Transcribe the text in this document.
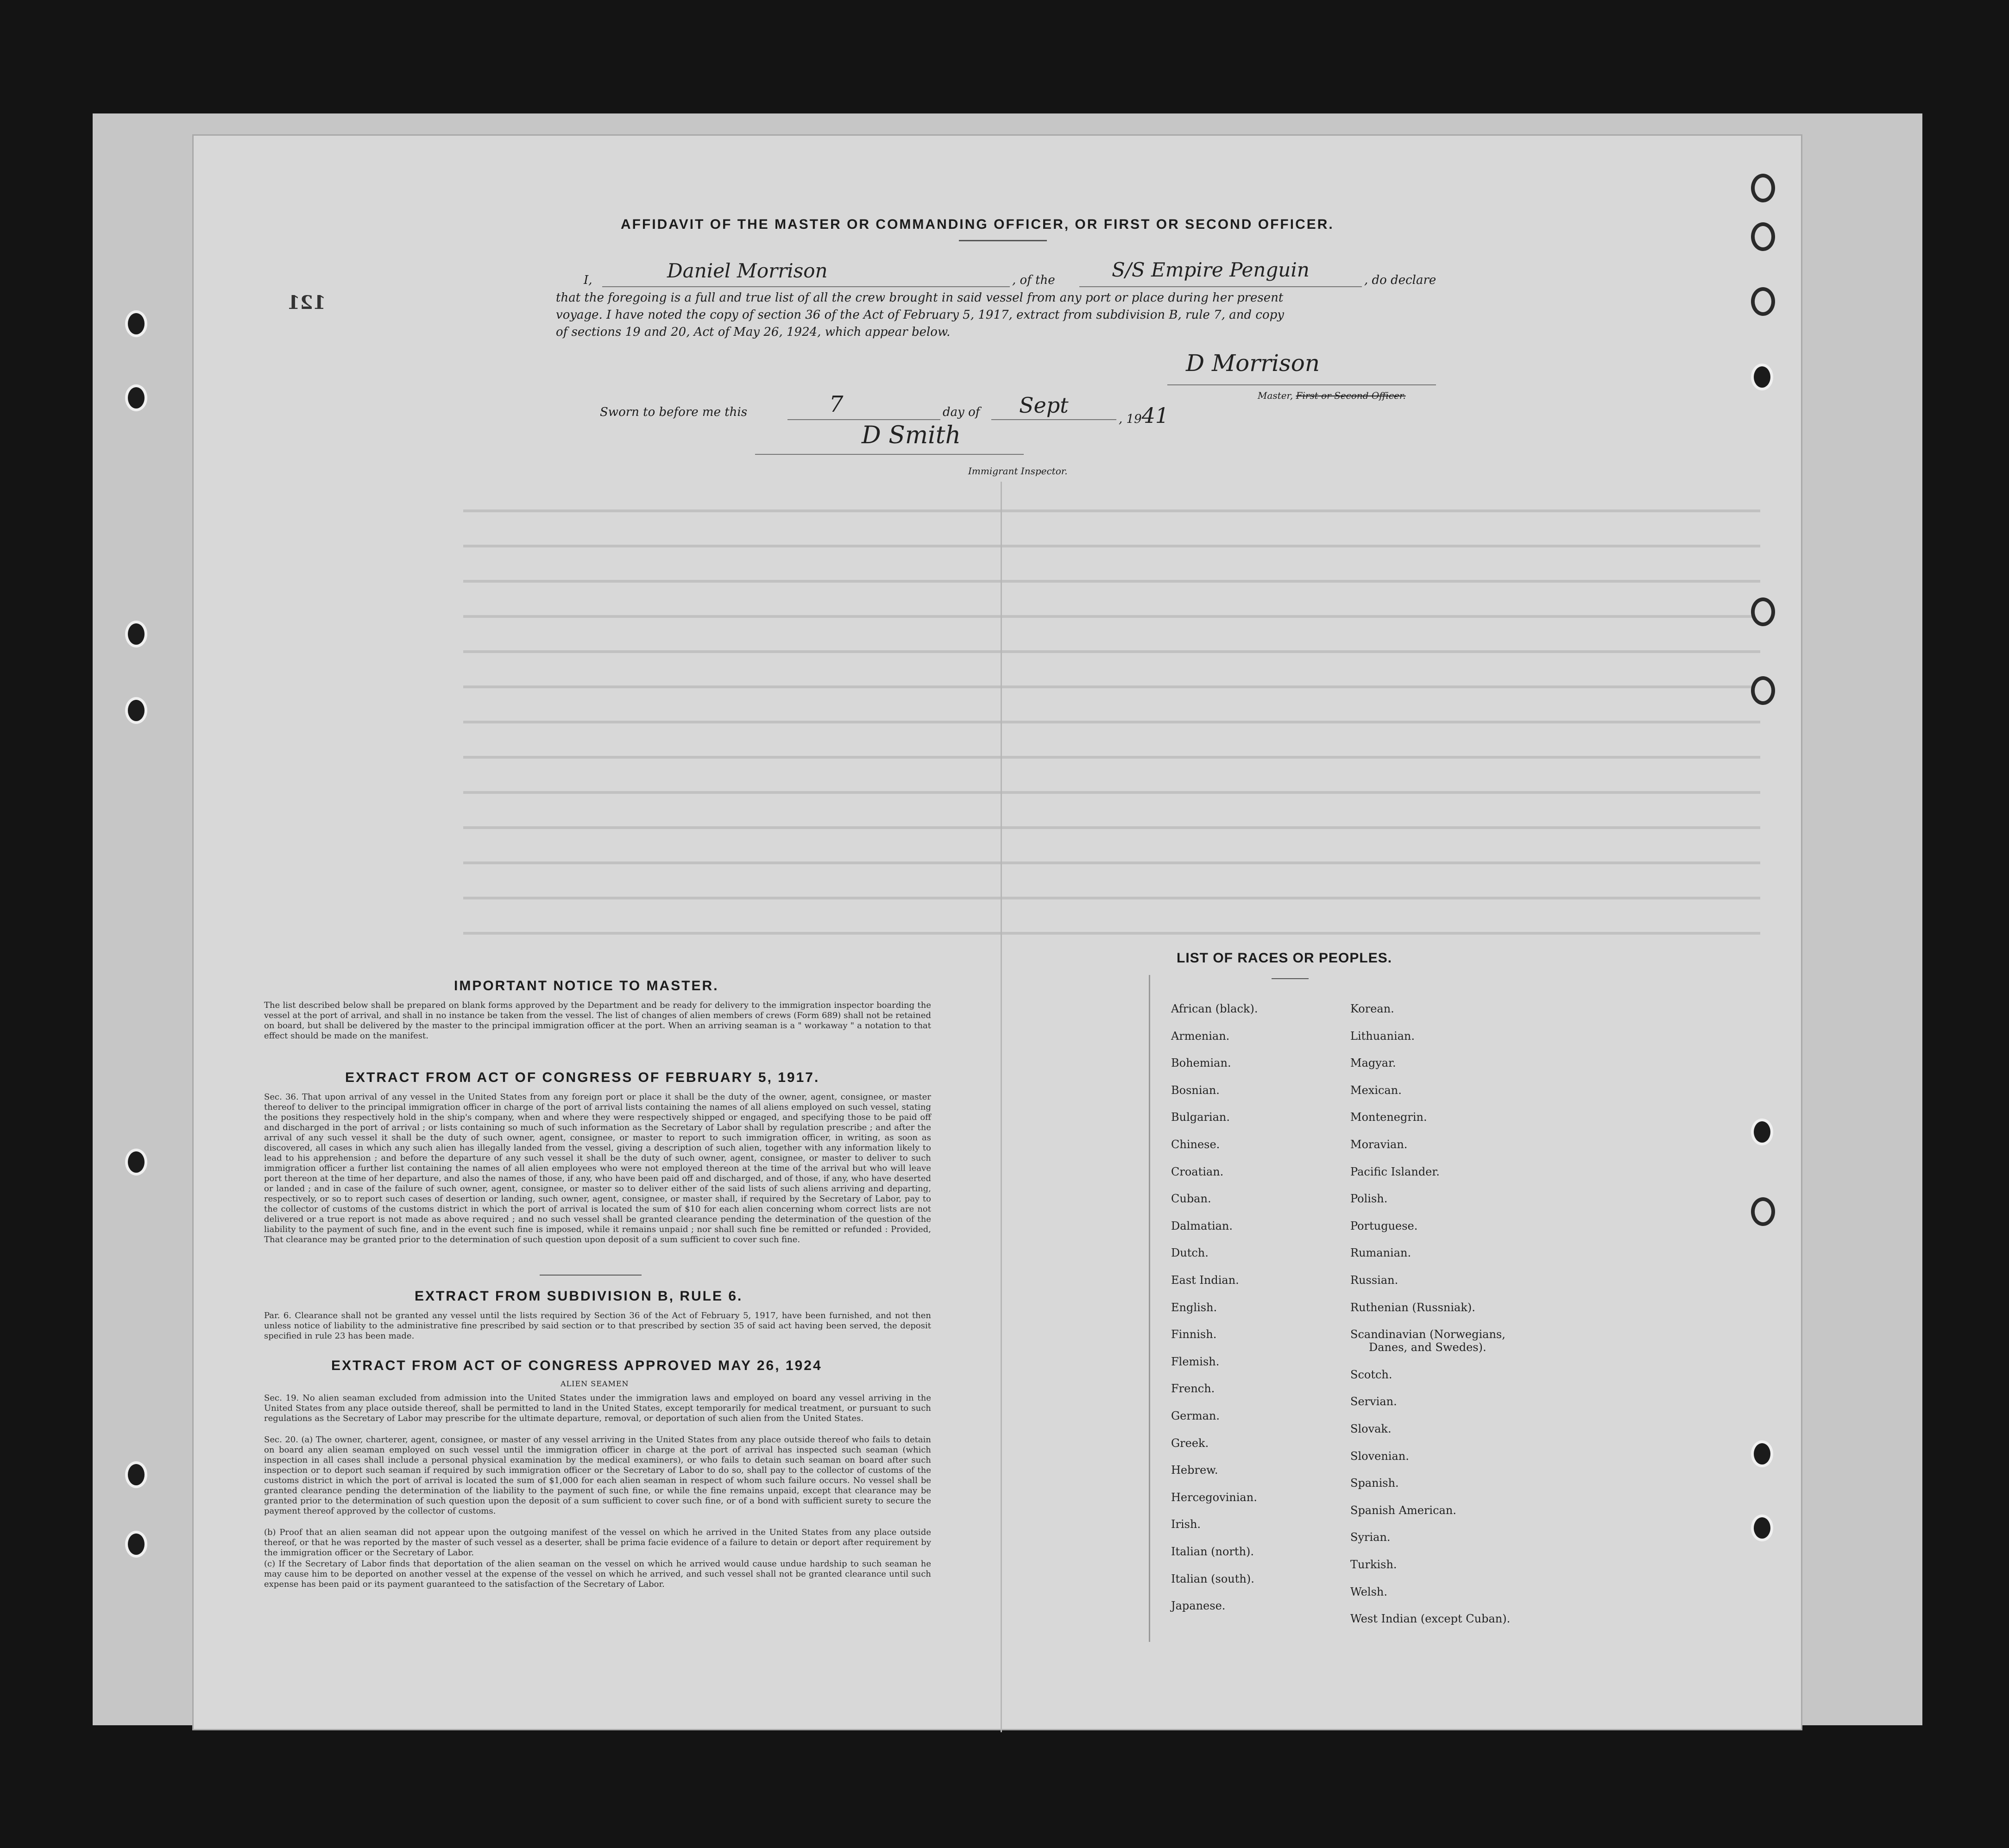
121
AFFIDAVIT OF THE MASTER OR COMMANDING OFFICER, OR FIRST OR SECOND OFFICER.
I,	Daniel Morrison	, of the	S/S Empire Penguin	, do declare
that the foregoing is a full and true list of all the crew brought in said vessel from any port or place during her present
voyage. I have noted the copy of section 36 of the Act of February 5, 1917, extract from subdivision B, rule 7, and copy
of sections 19 and 20, Act of May 26, 1924, which appear below.
D Morrison
Master, First or Second Officer.
Sworn to before me this	7	day of Sept
, 1941
D Smith
Immigrant Inspector.
IMPORTANT NOTICE TO MASTER.
The list described below shall be prepared on blank forms approved by the Department and be ready for delivery to the immigration inspector boarding the vessel at the port of arrival, and shall in no instance be taken from the vessel. The list of changes of alien members of crews (Form 689) shall not be retained on board, but shall be delivered by the master to the principal immigration officer at the port. When an arriving seaman is a " workaway " a notation to that effect should be made on the manifest.
EXTRACT FROM ACT OF CONGRESS OF FEBRUARY 5, 1917.
Sec. 36. That upon arrival of any vessel in the United States from any foreign port or place it shall be the duty of the owner, agent, consignee, or master thereof to deliver to the principal immigration officer in charge of the port of arrival lists containing the names of all aliens employed on such vessel, stating the positions they respectively hold in the ship's company, when and where they were respectively shipped or engaged, and specifying those to be paid off and discharged in the port of arrival ; or lists containing so much of such information as the Secretary of Labor shall by regulation prescribe ; and after the arrival of any such vessel it shall be the duty of such owner, agent, consignee, or master to report to such immigration officer, in writing, as soon as discovered, all cases in which any such alien has illegally landed from the vessel, giving a description of such alien, together with any information likely to lead to his apprehension ; and before the departure of any such vessel it shall be the duty of such owner, agent, consignee, or master to deliver to such immigration officer a further list containing the names of all alien employees who were not employed thereon at the time of the arrival but who will leave port thereon at the time of her departure, and also the names of those, if any, who have been paid off and discharged, and of those, if any, who have deserted or landed ; and in case of the failure of such owner, agent, consignee, or master so to deliver either of the said lists of such aliens arriving and departing, respectively, or so to report such cases of desertion or landing, such owner, agent, consignee, or master shall, if required by the Secretary of Labor, pay to the collector of customs of the customs district in which the port of arrival is located the sum of $10 for each alien concerning whom correct lists are not delivered or a true report is not made as above required ; and no such vessel shall be granted clearance pending the determination of the question of the liability to the payment of such fine, and in the event such fine is imposed, while it remains unpaid ; nor shall such fine be remitted or refunded : Provided, That clearance may be granted prior to the determination of such question upon deposit of a sum sufficient to cover such fine.
EXTRACT FROM SUBDIVISION B, RULE 6.
Par. 6. Clearance shall not be granted any vessel until the lists required by Section 36 of the Act of February 5, 1917, have been furnished, and not then unless notice of liability to the administrative fine prescribed by said section or to that prescribed by section 35 of said act having been served, the deposit specified in rule 23 has been made.
EXTRACT FROM ACT OF CONGRESS APPROVED MAY 26, 1924
ALIEN SEAMEN
Sec. 19. No alien seaman excluded from admission into the United States under the immigration laws and employed on board any vessel arriving in the United States from any place outside thereof, shall be permitted to land in the United States, except temporarily for medical treatment, or pursuant to such regulations as the Secretary of Labor may prescribe for the ultimate departure, removal, or deportation of such alien from the United States.
Sec. 20. (a) The owner, charterer, agent, consignee, or master of any vessel arriving in the United States from any place outside thereof who fails to detain on board any alien seaman employed on such vessel until the immigration officer in charge at the port of arrival has inspected such seaman (which inspection in all cases shall include a personal physical examination by the medical examiners), or who fails to detain such seaman on board after such inspection or to deport such seaman if required by such immigration officer or the Secretary of Labor to do so, shall pay to the collector of customs of the customs district in which the port of arrival is located the sum of $1,000 for each alien seaman in respect of whom such failure occurs. No vessel shall be granted clearance pending the determination of the liability to the payment of such fine, or while the fine remains unpaid, except that clearance may be granted prior to the determination of such question upon the deposit of a sum sufficient to cover such fine, or of a bond with sufficient surety to secure the payment thereof approved by the collector of customs.
(b) Proof that an alien seaman did not appear upon the outgoing manifest of the vessel on which he arrived in the United States from any place outside thereof, or that he was reported by the master of such vessel as a deserter, shall be prima facie evidence of a failure to detain or deport after requirement by the immigration officer or the Secretary of Labor.
(c) If the Secretary of Labor finds that deportation of the alien seaman on the vessel on which he arrived would cause undue hardship to such seaman he may cause him to be deported on another vessel at the expense of the vessel on which he arrived, and such vessel shall not be granted clearance until such expense has been paid or its payment guaranteed to the satisfaction of the Secretary of Labor.
LIST OF RACES OR PEOPLES.
African (black).
Armenian.
Bohemian.
Bosnian.
Bulgarian.
Chinese.
Croatian.
Cuban.
Dalmatian.
Dutch.
East Indian.
English.
Finnish.
Flemish.
French.
German.
Greek.
Hebrew.
Hercegovinian.
Irish.
Italian (north).
Italian (south).
Japanese.
Korean.
Lithuanian.
Magyar.
Mexican.
Montenegrin.
Moravian.
Pacific Islander.
Polish.
Portuguese.
Rumanian.
Russian.
Ruthenian (Russniak).
Scandinavian (Norwegians,
Danes, and Swedes).
Scotch.
Servian.
Slovak.
Slovenian.
Spanish.
Spanish American.
Syrian.
Turkish.
Welsh.
West Indian (except Cuban).
